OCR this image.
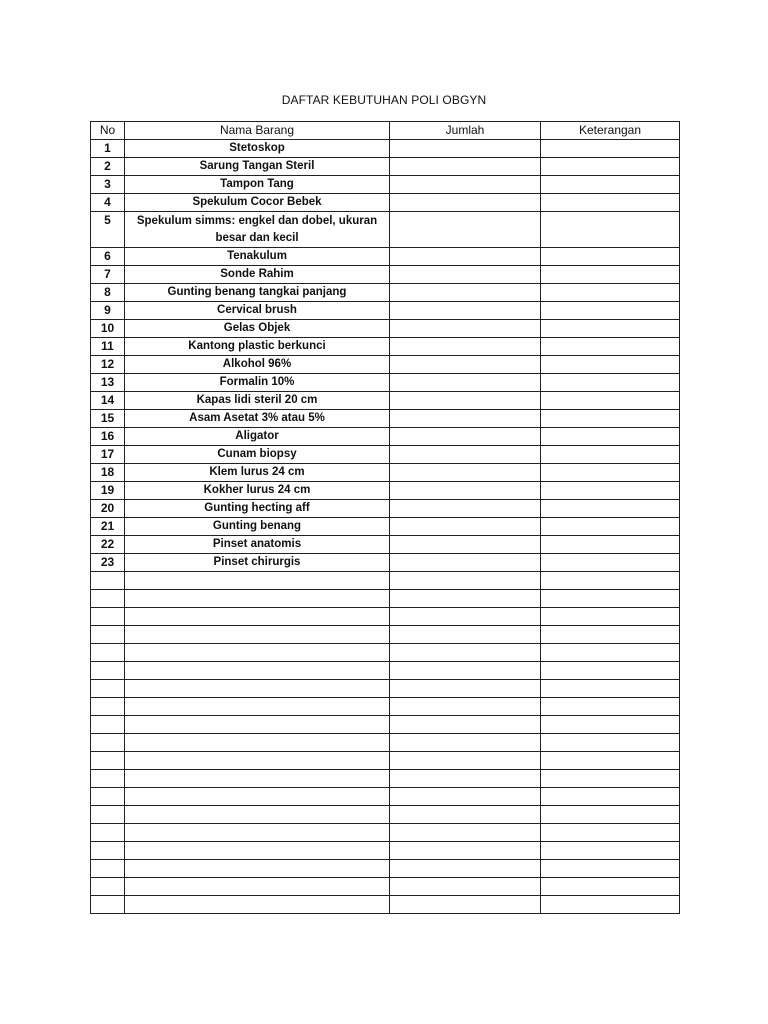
DAFTAR KEBUTUHAN POLI OBGYN
No	Nama Barang	Jumlah	Keterangan
1	Stetoskop		
2	Sarung Tangan Steril		
3	Tampon Tang		
4	Spekulum Cocor Bebek		
5	Spekulum simms: engkel dan dobel, ukuran besar dan kecil		
6	Tenakulum		
7	Sonde Rahim		
8	Gunting benang tangkai panjang		
9	Cervical brush		
10	Gelas Objek		
11	Kantong plastic berkunci		
12	Alkohol 96%		
13	Formalin 10%		
14	Kapas lidi steril 20 cm		
15	Asam Asetat 3% atau 5%		
16	Aligator		
17	Cunam biopsy		
18	Klem lurus 24 cm		
19	Kokher lurus 24 cm		
20	Gunting hecting aff		
21	Gunting benang		
22	Pinset anatomis		
23	Pinset chirurgis		
